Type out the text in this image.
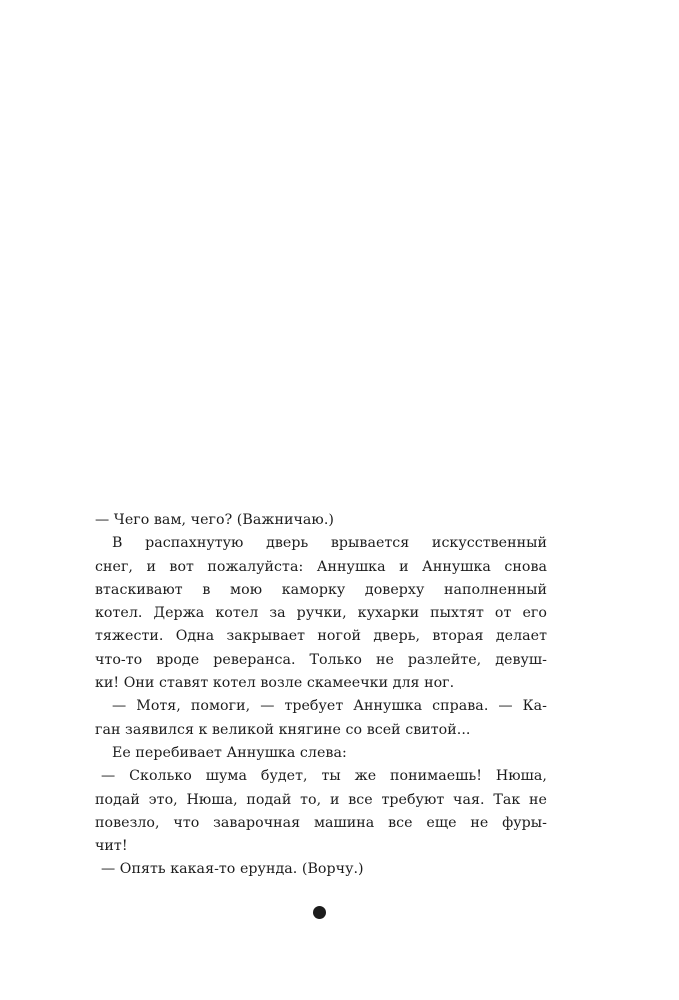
— Чего вам, чего? (Важничаю.)
В распахнутую дверь врывается искусственный
снег, и вот пожалуйста: Аннушка и Аннушка снова
втаскивают в мою каморку доверху наполненный
котел. Держа котел за ручки, кухарки пыхтят от его
тяжести. Одна закрывает ногой дверь, вторая делает
что-то вроде реверанса. Только не разлейте, девуш-
ки! Они ставят котел возле скамеечки для ног.
— Мотя, помоги, — требует Аннушка справа. — Ка-
ган заявился к великой княгине со всей свитой...
Ее перебивает Аннушка слева:
— Сколько шума будет, ты же понимаешь! Нюша,
подай это, Нюша, подай то, и все требуют чая. Так не
повезло, что заварочная машина все еще не фуры-
чит!
— Опять какая-то ерунда. (Ворчу.)
